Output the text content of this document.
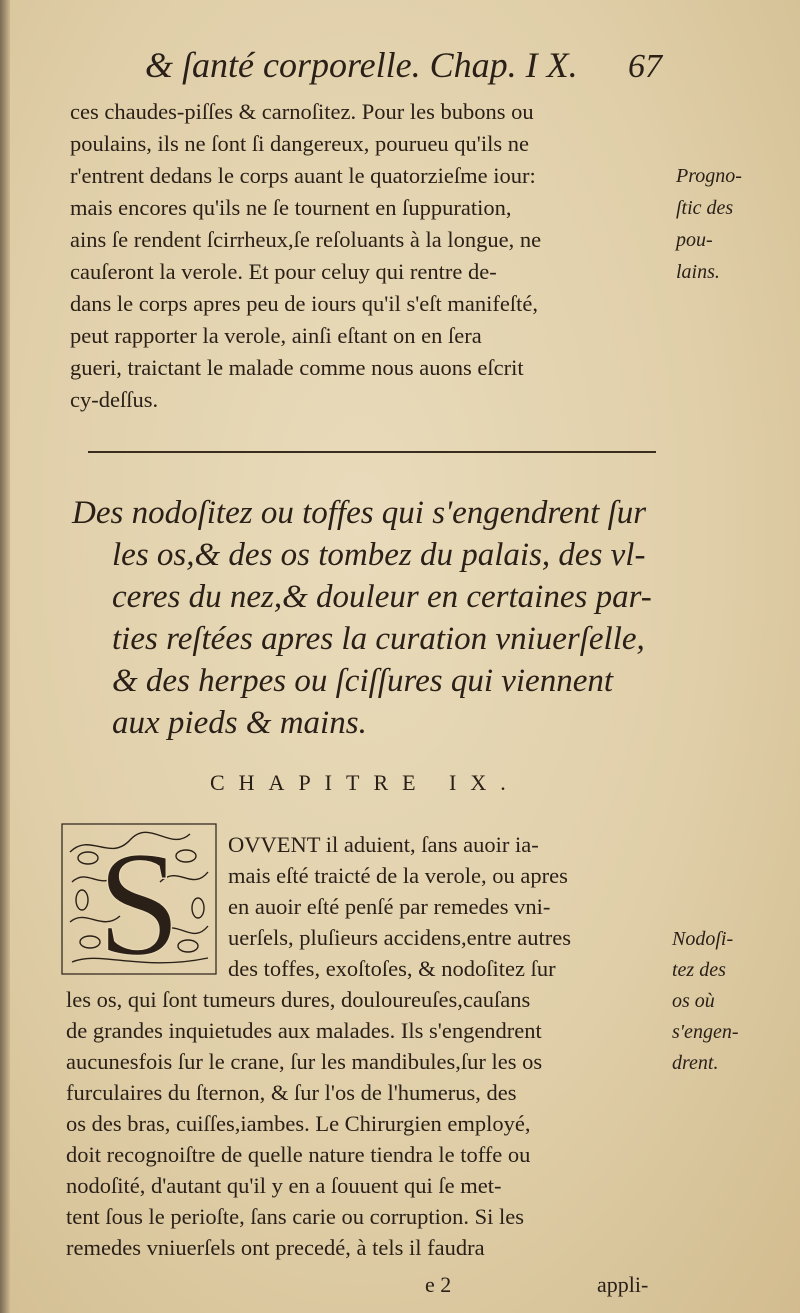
& ſanté corporelle. Chap. I X. 67
ces chaudes-piſſes & carnoſitez. Pour les bubons ou
poulains, ils ne ſont ſi dangereux, pourueu qu'ils ne
r'entrent dedans le corps auant le quatorzieſme iour:
mais encores qu'ils ne ſe tournent en ſuppuration,
ains ſe rendent ſcirrheux,ſe reſoluants à la longue, ne
cauſeront la verole. Et pour celuy qui rentre de-
dans le corps apres peu de iours qu'il s'eſt manifeſté,
peut rapporter la verole, ainſi eſtant on en ſera
gueri, traictant le malade comme nous auons eſcrit
cy-deſſus.
Progno-
ſtic des
pou-
lains.
Des nodoſitez ou toffes qui s'engendrent ſur
les os,& des os tombez du palais, des vl-
ceres du nez,& douleur en certaines par-
ties reſtées apres la curation vniuerſelle,
& des herpes ou ſciſſures qui viennent
aux pieds & mains.
CHAPITRE IX.
S OVVENT il aduient, ſans auoir ia-
mais eſté traicté de la verole, ou apres
en auoir eſté penſé par remedes vni-
uerſels, pluſieurs accidens,entre autres
des toffes, exoſtoſes, & nodoſitez ſur
les os, qui ſont tumeurs dures, douloureuſes,cauſans
de grandes inquietudes aux malades. Ils s'engendrent
aucunesfois ſur le crane, ſur les mandibules,ſur les os
furculaires du ſternon, & ſur l'os de l'humerus, des
os des bras, cuiſſes,iambes. Le Chirurgien employé,
doit recognoiſtre de quelle nature tiendra le toffe ou
nodoſité, d'autant qu'il y en a ſouuent qui ſe met-
tent ſous le perioſte, ſans carie ou corruption. Si les
remedes vniuerſels ont precedé, à tels il faudra
Nodoſi-
tez des
os où
s'engen-
drent.
e 2	appli-
